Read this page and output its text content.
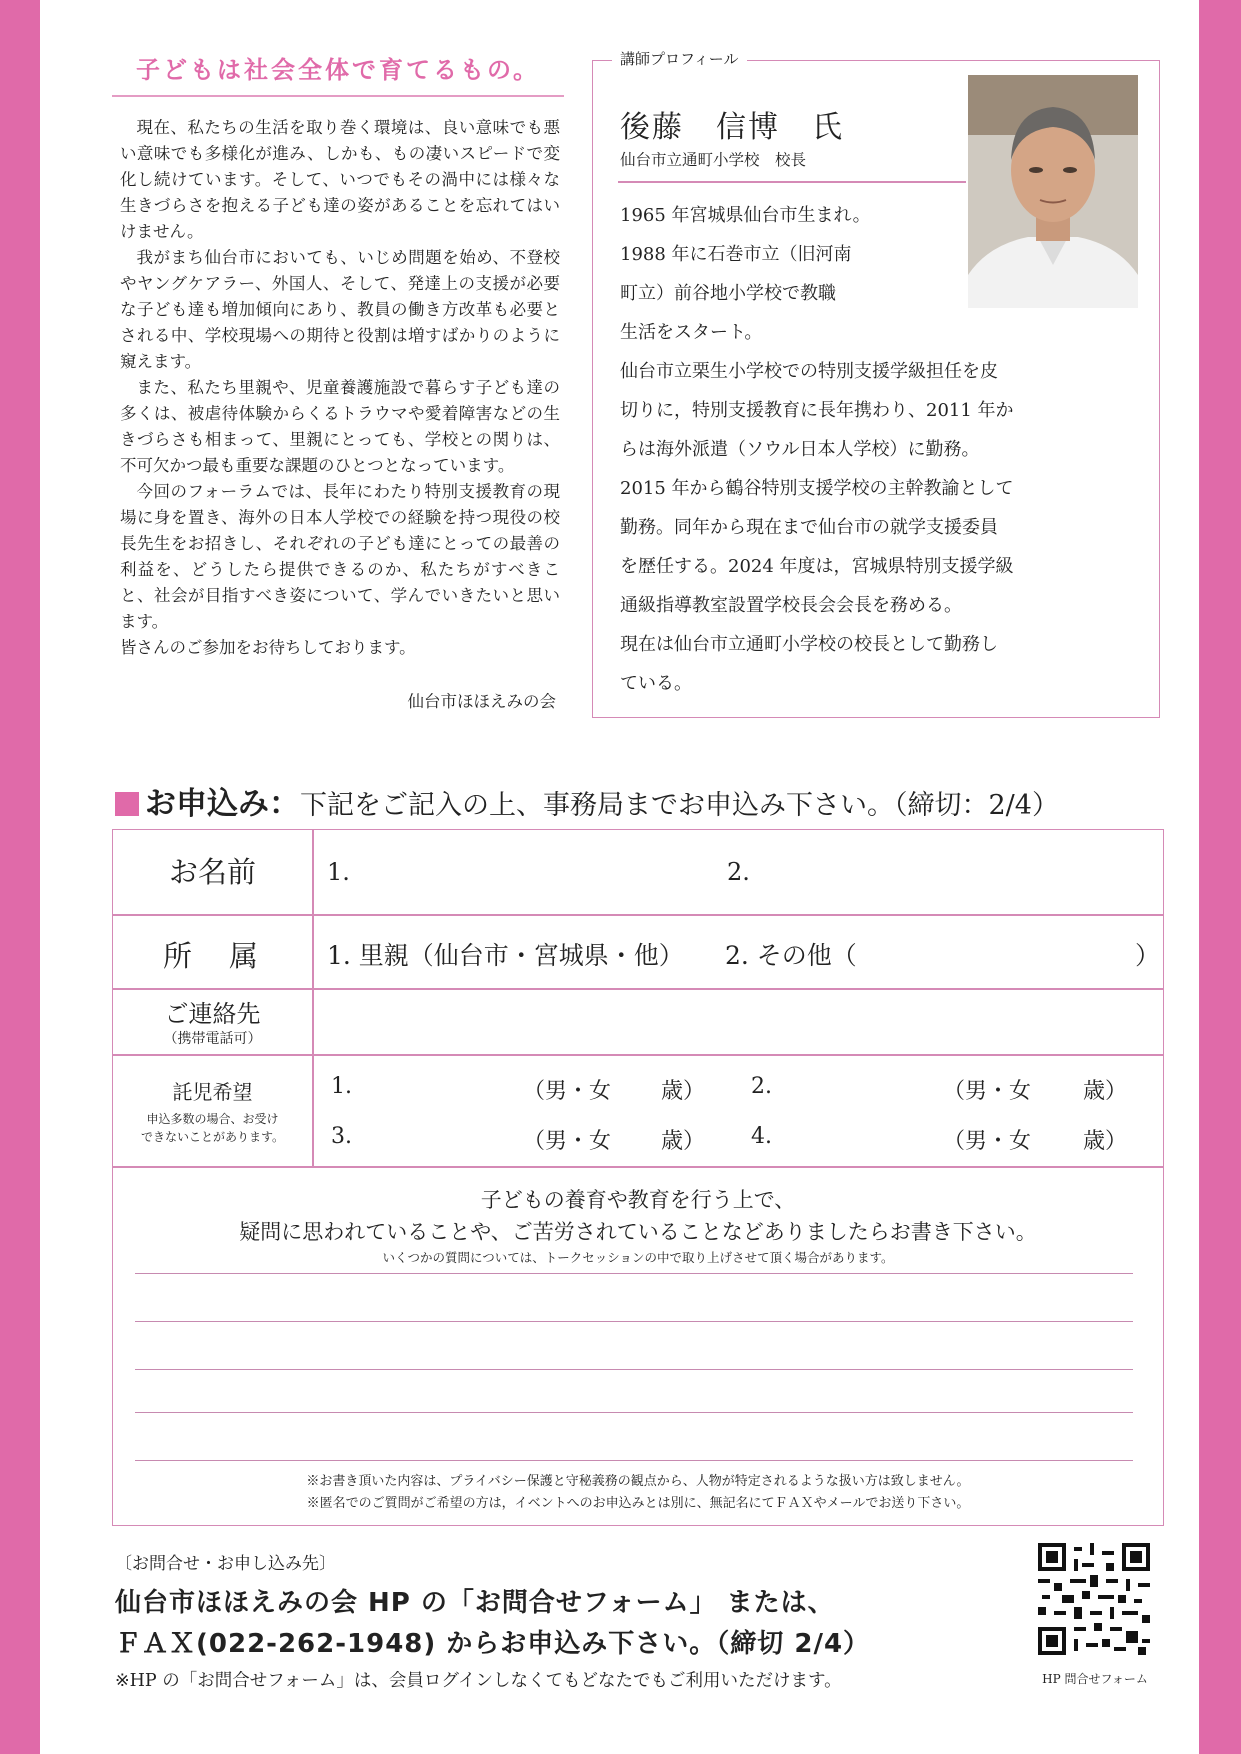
子どもは社会全体で育てるもの。

現在、私たちの生活を取り巻く環境は、良い意味でも悪い意味でも多様化が進み、しかも、もの凄いスピードで変化し続けています。そして、いつでもその渦中には様々な生きづらさを抱える子ども達の姿があることを忘れてはいけません。

我がまち仙台市においても、いじめ問題を始め、不登校やヤングケアラー、外国人、そして、発達上の支援が必要な子ども達も増加傾向にあり、教員の働き方改革も必要とされる中、学校現場への期待と役割は増すばかりのように窺えます。

また、私たち里親や、児童養護施設で暮らす子ども達の多くは、被虐待体験からくるトラウマや愛着障害などの生きづらさも相まって、里親にとっても、学校との関りは、不可欠かつ最も重要な課題のひとつとなっています。

今回のフォーラムでは、長年にわたり特別支援教育の現場に身を置き、海外の日本人学校での経験を持つ現役の校長先生をお招きし、それぞれの子ども達にとっての最善の利益を、どうしたら提供できるのか、私たちがすべきこと、社会が目指すべき姿について、学んでいきたいと思います。

皆さんのご参加をお待ちしております。

仙台市ほほえみの会
講師プロフィール
後藤　信博　氏
仙台市立通町小学校　校長

1965 年宮城県仙台市生まれ。

1988 年に石巻市立（旧河南

町立）前谷地小学校で教職

生活をスタート。

仙台市立栗生小学校での特別支援学級担任を皮

切りに，特別支援教育に長年携わり、2011 年か

らは海外派遣（ソウル日本人学校）に勤務。

2015 年から鶴谷特別支援学校の主幹教諭として

勤務。同年から現在まで仙台市の就学支援委員

を歴任する。2024 年度は，宮城県特別支援学級

通級指導教室設置学校長会会長を務める。

現在は仙台市立通町小学校の校長として勤務し

ている。

お申込み：下記をご記入の上、事務局までお申込み下さい。（締切：2/4）
お名前	1.	2.
所　属	1. 里親（仙台市・宮城県・他） 2. その他（	）
ご連絡先
（携帯電話可）
託児希望
申込多数の場合、お受け
できないことがあります。
1.	（男・女 歳） 2.	（男・女 歳）
3.	（男・女 歳） 4.	（男・女 歳）
子どもの養育や教育を行う上で、
疑問に思われていることや、ご苦労されていることなどありましたらお書き下さい。
いくつかの質問については、トークセッションの中で取り上げさせて頂く場合があります。
※お書き頂いた内容は、プライバシー保護と守秘義務の観点から、人物が特定されるような扱い方は致しません。
※匿名でのご質問がご希望の方は，イベントへのお申込みとは別に、無記名にてＦＡＸやメールでお送り下さい。
〔お問合せ・お申し込み先〕
仙台市ほほえみの会 HP の「お問合せフォーム」 または、
ＦＡＸ(022-262-1948) からお申込み下さい。（締切 2/4）
※HP の「お問合せフォーム」は、会員ログインしなくてもどなたでもご利用いただけます。	HP 問合せフォーム
